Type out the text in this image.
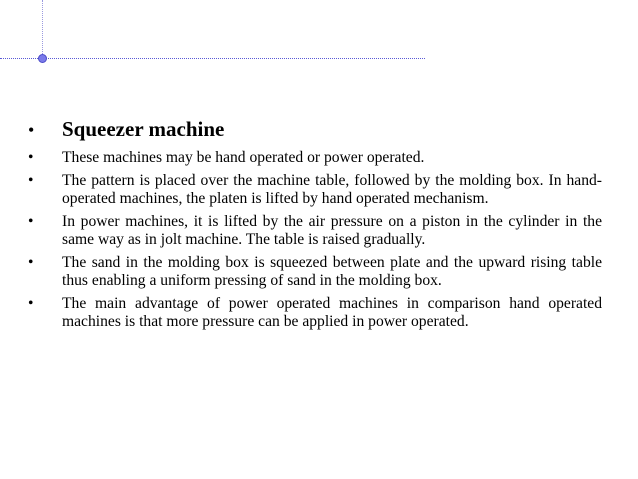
•	Squeezer machine
•	These machines may be hand operated or power operated.
•	The pattern is placed over the machine table, followed by the molding box. In hand-operated machines, the platen is lifted by hand operated mechanism.
•	In power machines, it is lifted by the air pressure on a piston in the cylinder in the same way as in jolt machine. The table is raised gradually.
•	The sand in the molding box is squeezed between plate and the upward rising table thus enabling a uniform pressing of sand in the molding box.
•	The main advantage of power operated machines in comparison hand operated machines is that more pressure can be applied in power operated.
